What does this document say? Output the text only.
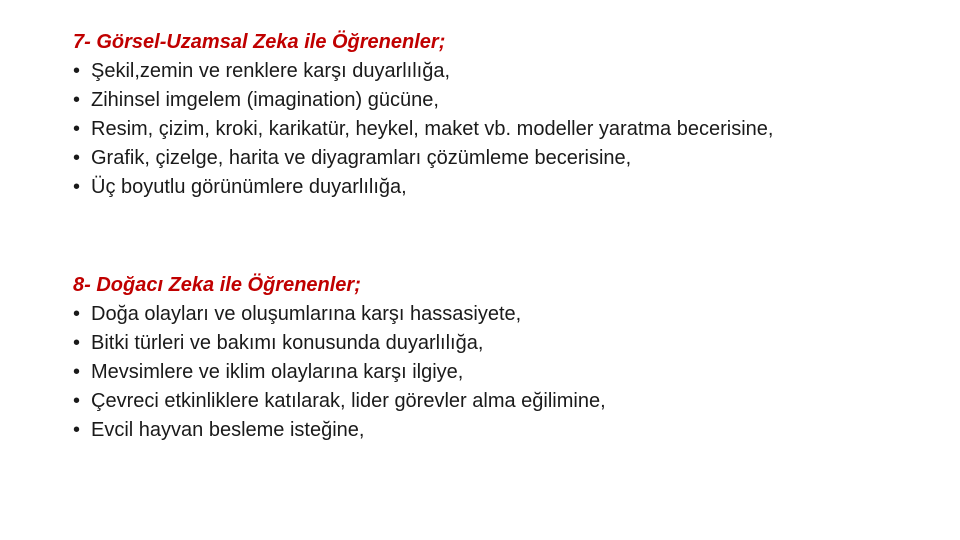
7- Görsel-Uzamsal Zeka ile Öğrenenler;

• Şekil,zemin ve renklere karşı duyarlılığa,
• Zihinsel imgelem (imagination) gücüne,
• Resim, çizim, kroki, karikatür, heykel, maket vb. modeller yaratma becerisine,
• Grafik, çizelge, harita ve diyagramları çözümleme becerisine,
• Üç boyutlu görünümlere duyarlılığa,

8- Doğacı Zeka ile Öğrenenler;

• Doğa olayları ve oluşumlarına karşı hassasiyete,
• Bitki türleri ve bakımı konusunda duyarlılığa,
• Mevsimlere ve iklim olaylarına karşı ilgiye,
• Çevreci etkinliklere katılarak, lider görevler alma eğilimine,
• Evcil hayvan besleme isteğine,
